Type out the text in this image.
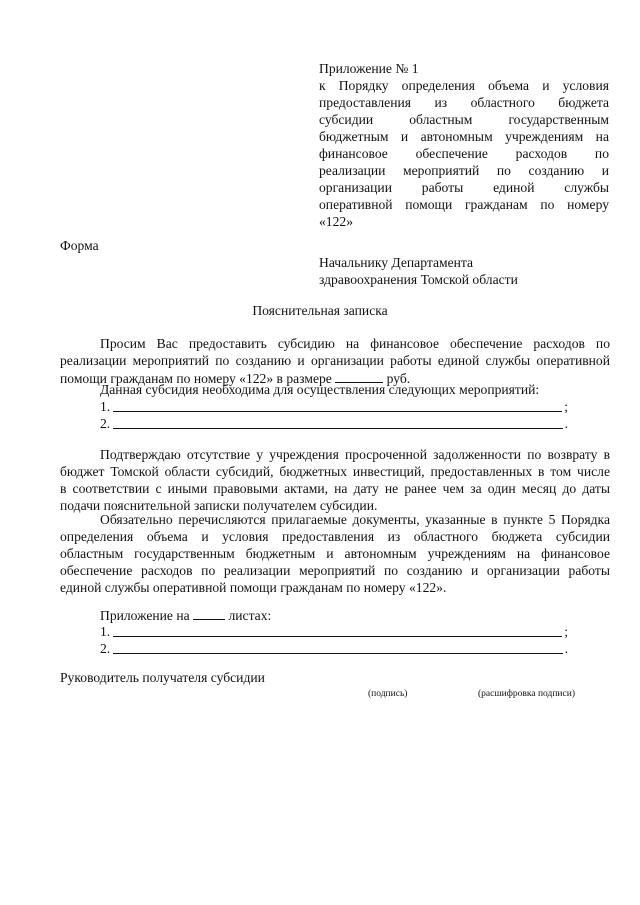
Приложение № 1
к Порядку определения объема и условия
предоставления из областного бюджета
субсидии областным государственным
бюджетным и автономным учреждениям на
финансовое обеспечение расходов по
реализации мероприятий по созданию и
организации работы единой службы
оперативной помощи гражданам по номеру
«122»
Форма
Начальнику Департамента
здравоохранения Томской области
Пояснительная записка
Просим Вас предоставить субсидию на финансовое обеспечение расходов по
реализации мероприятий по созданию и организации работы единой службы оперативной
помощи гражданам по номеру «122» в размере	руб.
Данная субсидия необходима для осуществления следующих мероприятий:
1.	;
2.	.
Подтверждаю отсутствие у учреждения просроченной задолженности по возврату в
бюджет Томской области субсидий, бюджетных инвестиций, предоставленных в том числе
в соответствии с иными правовыми актами, на дату не ранее чем за один месяц до даты
подачи пояснительной записки получателем субсидии.
Обязательно перечисляются прилагаемые документы, указанные в пункте 5 Порядка
определения объема и условия предоставления из областного бюджета субсидии
областным государственным бюджетным и автономным учреждениям на финансовое
обеспечение расходов по реализации мероприятий по созданию и организации работы
единой службы оперативной помощи гражданам по номеру «122».
Приложение на	листах:
1.	;
2.	.
Руководитель получателя субсидии
(подпись)	(расшифровка подписи)
